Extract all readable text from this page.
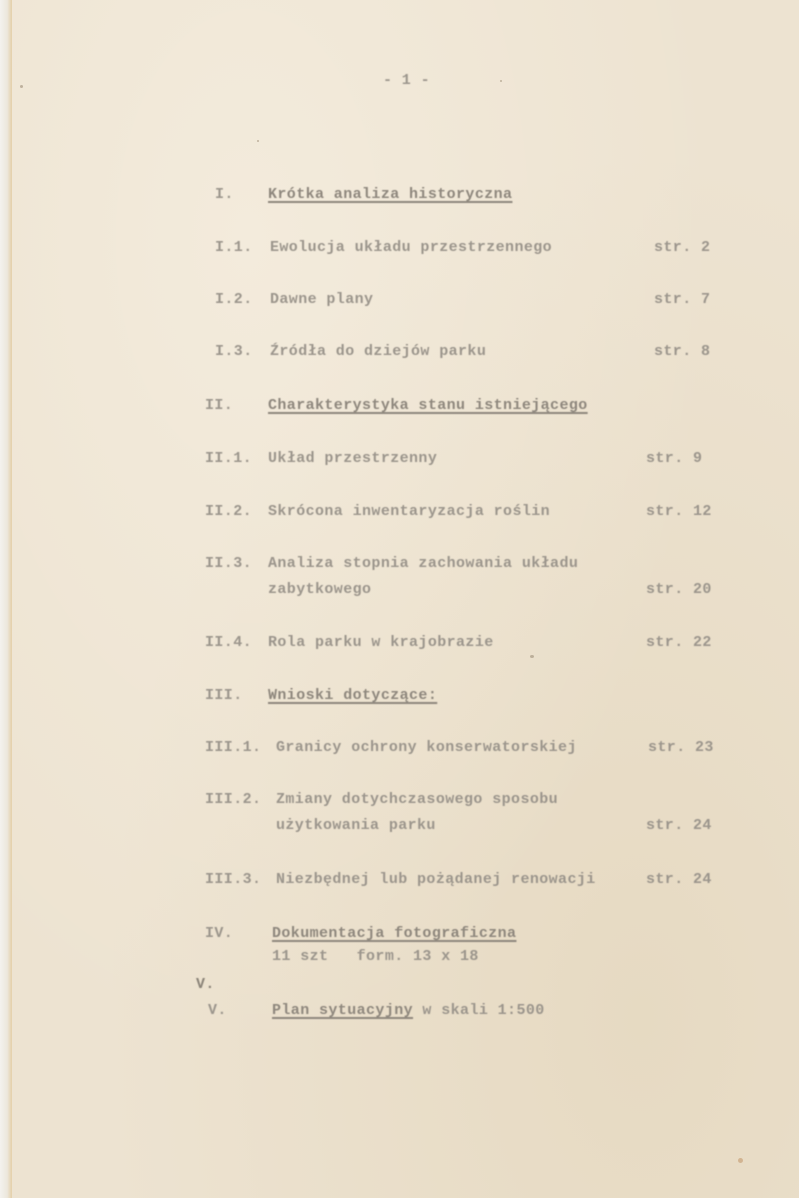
- 1 -
I. Krótka analiza historyczna
I.1. Ewolucja układu przestrzennego	str. 2
I.2. Dawne plany	str. 7
I.3. Źródła do dziejów parku	str. 8
II. Charakterystyka stanu istniejącego
II.1. Układ przestrzenny	str. 9
II.2. Skrócona inwentaryzacja roślin	str. 12
II.3. Analiza stopnia zachowania układu
zabytkowego	str. 20
II.4. Rola parku w krajobrazie	str. 22
III. Wnioski dotyczące:
III.1. Granicy ochrony konserwatorskiej	str. 23
III.2. Zmiany dotychczasowego sposobu
użytkowania parku	str. 24
III.3. Niezbędnej lub pożądanej renowacji	str. 24
IV.	Dokumentacja fotograficzna
11 szt   form. 13 x 18
V.
V.	Plan sytuacyjny w skali 1:500
